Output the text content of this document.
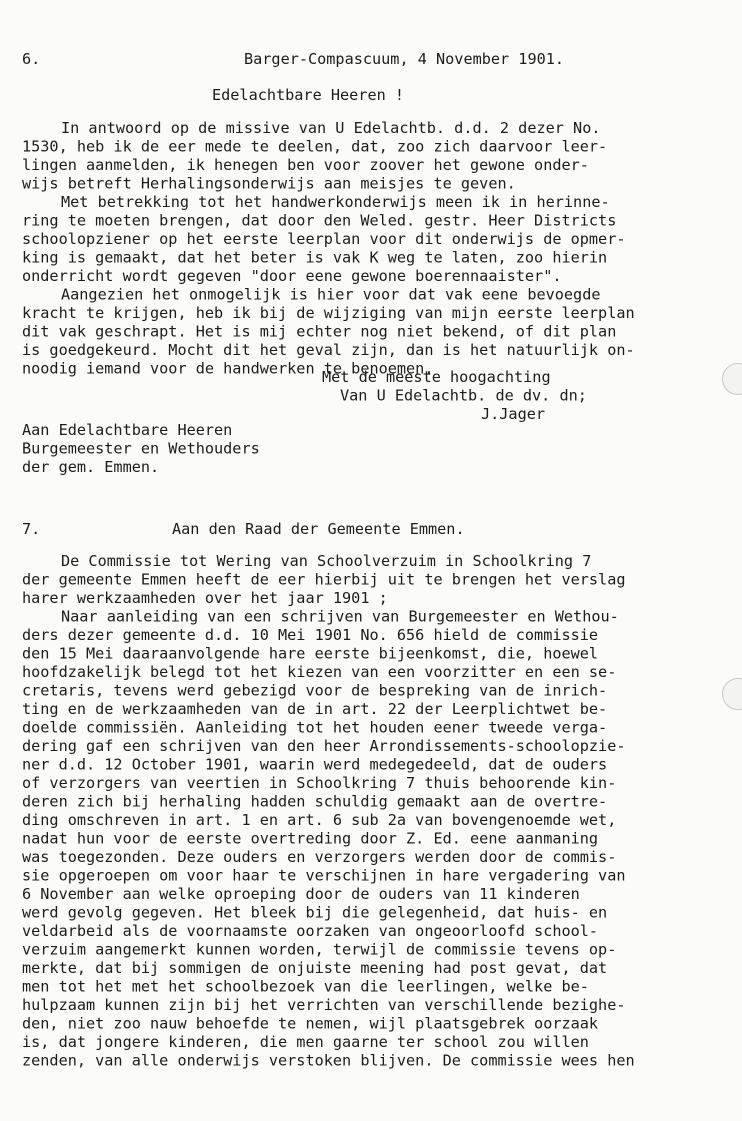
6.	Barger-Compascuum, 4 November 1901.
Edelachtbare Heeren !
In antwoord op de missive van U Edelachtb. d.d. 2 dezer No.
1530, heb ik de eer mede te deelen, dat, zoo zich daarvoor leer-
lingen aanmelden, ik henegen ben voor zoover het gewone onder-
wijs betreft Herhalingsonderwijs aan meisjes te geven.
Met betrekking tot het handwerkonderwijs meen ik in herinne-
ring te moeten brengen, dat door den Weled. gestr. Heer Districts
schoolopziener op het eerste leerplan voor dit onderwijs de opmer-
king is gemaakt, dat het beter is vak K weg te laten, zoo hierin
onderricht wordt gegeven "door eene gewone boerennaaister".
Aangezien het onmogelijk is hier voor dat vak eene bevoegde
kracht te krijgen, heb ik bij de wijziging van mijn eerste leerplan
dit vak geschrapt. Het is mij echter nog niet bekend, of dit plan
is goedgekeurd. Mocht dit het geval zijn, dan is het natuurlijk on-
noodig iemand voor de handwerken te benoemen.
Met de meeste hoogachting
Van U Edelachtb. de dv. dn;
J.Jager
Aan Edelachtbare Heeren
Burgemeester en Wethouders
der gem. Emmen.
7.	Aan den Raad der Gemeente Emmen.
De Commissie tot Wering van Schoolverzuim in Schoolkring 7
der gemeente Emmen heeft de eer hierbij uit te brengen het verslag
harer werkzaamheden over het jaar 1901 ;
Naar aanleiding van een schrijven van Burgemeester en Wethou-
ders dezer gemeente d.d. 10 Mei 1901 No. 656 hield de commissie
den 15 Mei daaraanvolgende hare eerste bijeenkomst, die, hoewel
hoofdzakelijk belegd tot het kiezen van een voorzitter en een se-
cretaris, tevens werd gebezigd voor de bespreking van de inrich-
ting en de werkzaamheden van de in art. 22 der Leerplichtwet be-
doelde commissiën. Aanleiding tot het houden eener tweede verga-
dering gaf een schrijven van den heer Arrondissements-schoolopzie-
ner d.d. 12 October 1901, waarin werd medegedeeld, dat de ouders
of verzorgers van veertien in Schoolkring 7 thuis behoorende kin-
deren zich bij herhaling hadden schuldig gemaakt aan de overtre-
ding omschreven in art. 1 en art. 6 sub 2a van bovengenoemde wet,
nadat hun voor de eerste overtreding door Z. Ed. eene aanmaning
was toegezonden. Deze ouders en verzorgers werden door de commis-
sie opgeroepen om voor haar te verschijnen in hare vergadering van
6 November aan welke oproeping door de ouders van 11 kinderen
werd gevolg gegeven. Het bleek bij die gelegenheid, dat huis- en
veldarbeid als de voornaamste oorzaken van ongeoorloofd school-
verzuim aangemerkt kunnen worden, terwijl de commissie tevens op-
merkte, dat bij sommigen de onjuiste meening had post gevat, dat
men tot het met het schoolbezoek van die leerlingen, welke be-
hulpzaam kunnen zijn bij het verrichten van verschillende bezighe-
den, niet zoo nauw behoefde te nemen, wijl plaatsgebrek oorzaak
is, dat jongere kinderen, die men gaarne ter school zou willen
zenden, van alle onderwijs verstoken blijven. De commissie wees hen
